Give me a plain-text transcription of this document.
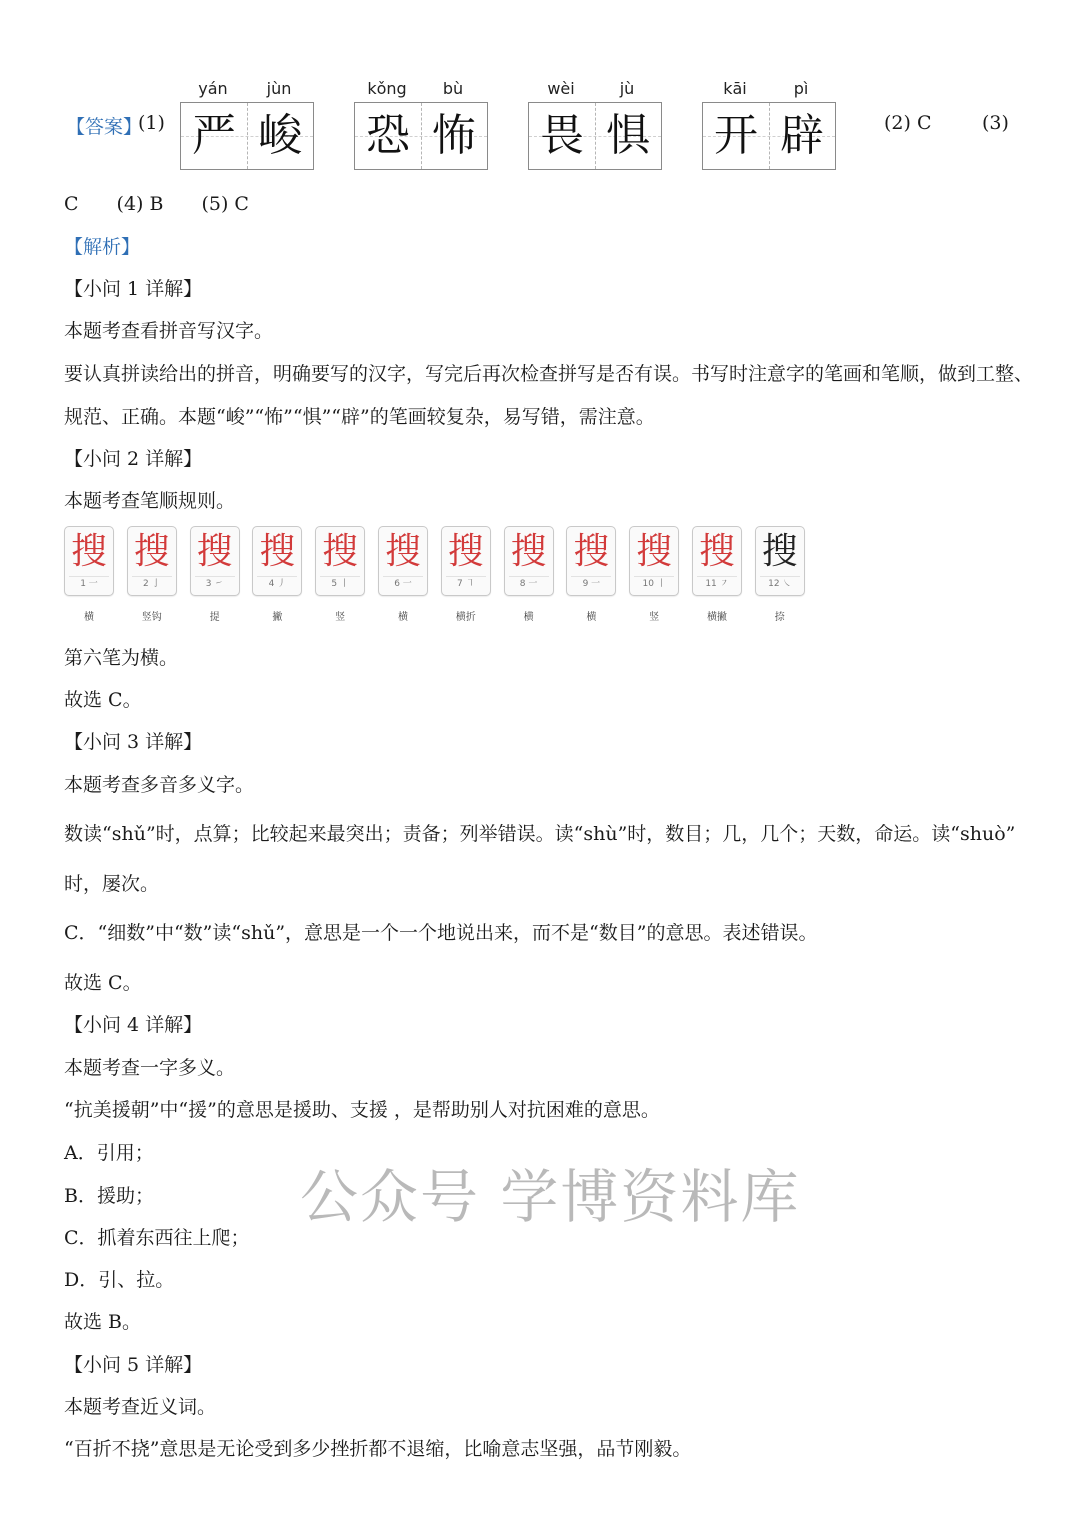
【答案】
(1)
yán	jùn
严 峻
kǒng	bù
恐 怖
wèi	jù
畏 惧
kāi	pì
开 辟	(2) C	(3)
C　　(4) B　　(5) C
【解析】
【小问 1 详解】
本题考查看拼音写汉字。
要认真拼读给出的拼音，明确要写的汉字，写完后再次检查拼写是否有误。书写时注意字的笔画和笔顺，做到工整、
规范、正确。本题“峻”“怖”“惧”“辟”的笔画较复杂，易写错，需注意。
【小问 2 详解】
本题考查笔顺规则。
搜
1 一
横
搜
2 亅
竖钩
搜
3 ㇀
提
搜
4 丿
撇
搜
5 丨
竖
搜
6 一
横
搜
7 ㇕
横折
搜
8 一
横
搜
9 一
横
搜
10 丨
竖
搜
11 ㇇
横撇
搜
12 ㇏
捺
第六笔为横。
故选 C。
【小问 3 详解】
本题考查多音多义字。
数读“shǔ”时，点算；比较起来最突出；责备；列举错误。读“shù”时，数目；几，几个；天数，命运。读“shuò”
时，屡次。
C．“细数”中“数”读“shǔ”，意思是一个一个地说出来，而不是“数目”的意思。表述错误。
故选 C。
【小问 4 详解】
本题考查一字多义。
“抗美援朝”中“援”的意思是援助、支援 ，是帮助别人对抗困难的意思。
A．引用；
B．援助；
C．抓着东西往上爬；
D．引、拉。
故选 B。
【小问 5 详解】
本题考查近义词。
“百折不挠”意思是无论受到多少挫折都不退缩，比喻意志坚强，品节刚毅。
公众号 学博资料库
